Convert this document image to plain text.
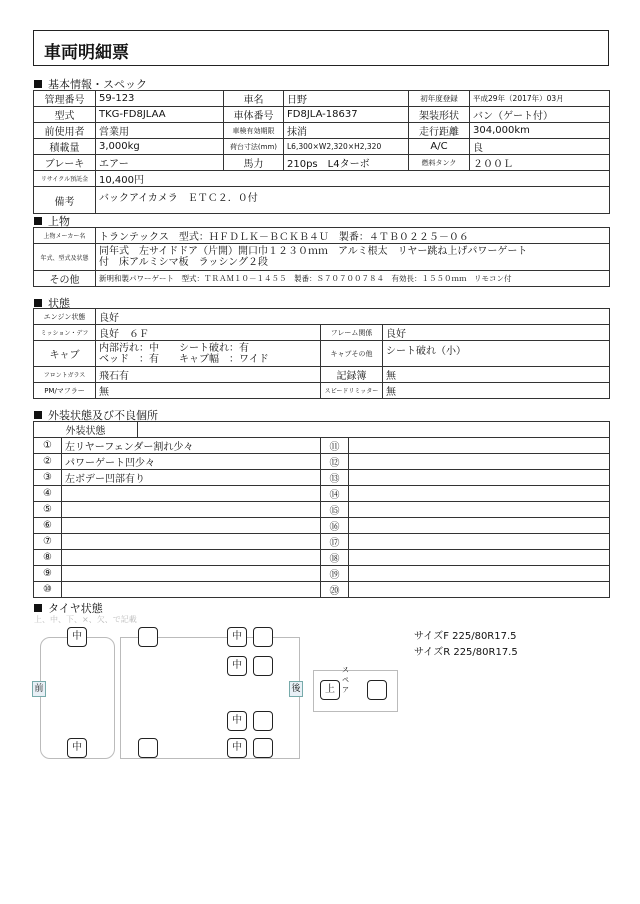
車両明細票
基本情報・スペック
管理番号	59-123	車名	日野	初年度登録	平成29年（2017年）03月
型式	TKG-FD8JLAA	車体番号	FD8JLA-18637	架装形状	バン（ゲート付）
前使用者	営業用	車検有効期限	抹消	走行距離	304,000km
積載量	3,000kg	荷台寸法(mm)	L6,300×W2,320×H2,320	A/C	良
ブレーキ	エアー	馬力	210ps　L4ターボ	燃料タンク	２００Ｌ
リサイクル預託金	10,400円				
備考	バックアイカメラ　ＥＴＣ２．０付				
上物
上物メーカー名	トランテックス　型式：ＨＦＤＬＫ－ＢＣＫＢ４Ｕ　製番：４ＴＢ０２２５－０６
年式、型式及状態	同年式　左サイドドア（片開）開口巾１２３０ｍｍ　アルミ根太　リヤー跳ね上げパワーゲート
付　床アルミシマ板　ラッシング２段

その他	新明和製パワーゲート　型式：ＴＲＡＭ１０－１４５５　製番：Ｓ７０７００７８４　有効長：１５５０ｍｍ　リモコン付
状態
エンジン状態	良好		
ミッション・デフ	良好　６Ｆ	フレーム関係	良好
キャブ	内部汚れ：中　　シート破れ：有
ベッド　：有　　キャブ幅　：ワイド	キャブその他	シート破れ（小）
フロントガラス	飛石有	記録簿	無
PM/マフラー	無	スピードリミッター	無
外装状態及び不良個所
外装状態				
①	左リヤーフェンダー割れ少々		⑪	
②	パワーゲート凹少々		⑫	
③	左ボデー凹部有り		⑬	
④			⑭	
⑤			⑮	
⑥			⑯	
⑦			⑰	
⑧			⑱	
⑨			⑲	
⑩			⑳	
タイヤ状態
上、中、下、×、欠、で記載
前	後
スペア
中
中
中
中
中
中
上
サイズF 225/80R17.5
サイズR 225/80R17.5
